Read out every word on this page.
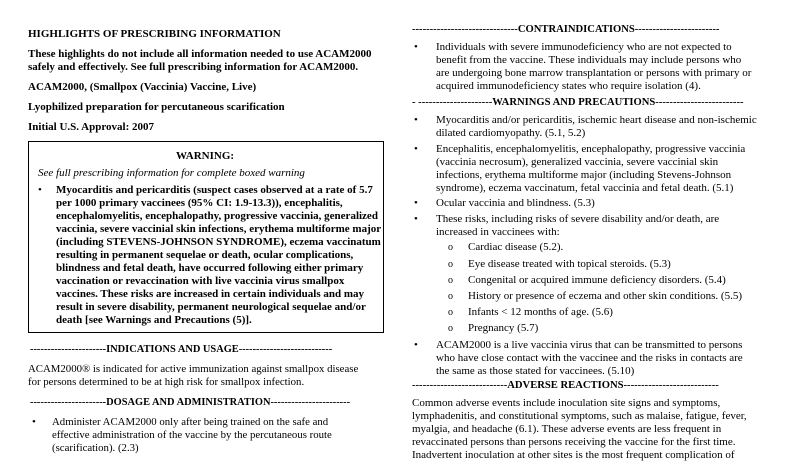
HIGHLIGHTS OF PRESCRIBING INFORMATION
These highlights do not include all information needed to use ACAM2000
safely and effectively. See full prescribing information for ACAM2000.
ACAM2000, (Smallpox (Vaccinia) Vaccine, Live)
Lyophilized preparation for percutaneous scarification
Initial U.S. Approval: 2007
WARNING:
See full prescribing information for complete boxed warning
• Myocarditis and pericarditis (suspect cases observed at a rate of 5.7
per 1000 primary vaccinees (95% CI: 1.9-13.3)), encephalitis,
encephalomyelitis, encephalopathy, progressive vaccinia, generalized
vaccinia, severe vaccinial skin infections, erythema multiforme major
(including STEVENS-JOHNSON SYNDROME), eczema vaccinatum
resulting in permanent sequelae or death, ocular complications,
blindness and fetal death, have occurred following either primary
vaccination or revaccination with live vaccinia virus smallpox
vaccines. These risks are increased in certain individuals and may
result in severe disability, permanent neurological sequelae and/or
death [see Warnings and Precautions (5)].
----------------------INDICATIONS AND USAGE---------------------------
ACAM2000® is indicated for active immunization against smallpox disease
for persons determined to be at high risk for smallpox infection.
----------------------DOSAGE AND ADMINISTRATION-----------------------
• Administer ACAM2000 only after being trained on the safe and
effective administration of the vaccine by the percutaneous route
(scarification). (2.3)
------------------------------CONTRAINDICATIONS------------------------
• Individuals with severe immunodeficiency who are not expected to
benefit from the vaccine. These individuals may include persons who
are undergoing bone marrow transplantation or persons with primary or
acquired immunodeficiency states who require isolation (4).
- ---------------------WARNINGS AND PRECAUTIONS-------------------------
• Myocarditis and/or pericarditis, ischemic heart disease and non-ischemic
dilated cardiomyopathy. (5.1, 5.2)
• Encephalitis, encephalomyelitis, encephalopathy, progressive vaccinia
(vaccinia necrosum), generalized vaccinia, severe vaccinial skin
infections, erythema multiforme major (including Stevens-Johnson
syndrome), eczema vaccinatum, fetal vaccinia and fetal death. (5.1)
• Ocular vaccinia and blindness. (5.3)
• These risks, including risks of severe disability and/or death, are
increased in vaccinees with:
o Cardiac disease (5.2).
o Eye disease treated with topical steroids. (5.3)
o Congenital or acquired immune deficiency disorders. (5.4)
o History or presence of eczema and other skin conditions. (5.5)
o Infants < 12 months of age. (5.6)
o Pregnancy (5.7)
• ACAM2000 is a live vaccinia virus that can be transmitted to persons
who have close contact with the vaccinee and the risks in contacts are
the same as those stated for vaccinees. (5.10)
---------------------------ADVERSE REACTIONS---------------------------
Common adverse events include inoculation site signs and symptoms,
lymphadenitis, and constitutional symptoms, such as malaise, fatigue, fever,
myalgia, and headache (6.1). These adverse events are less frequent in
revaccinated persons than persons receiving the vaccine for the first time.
Inadvertent inoculation at other sites is the most frequent complication of
